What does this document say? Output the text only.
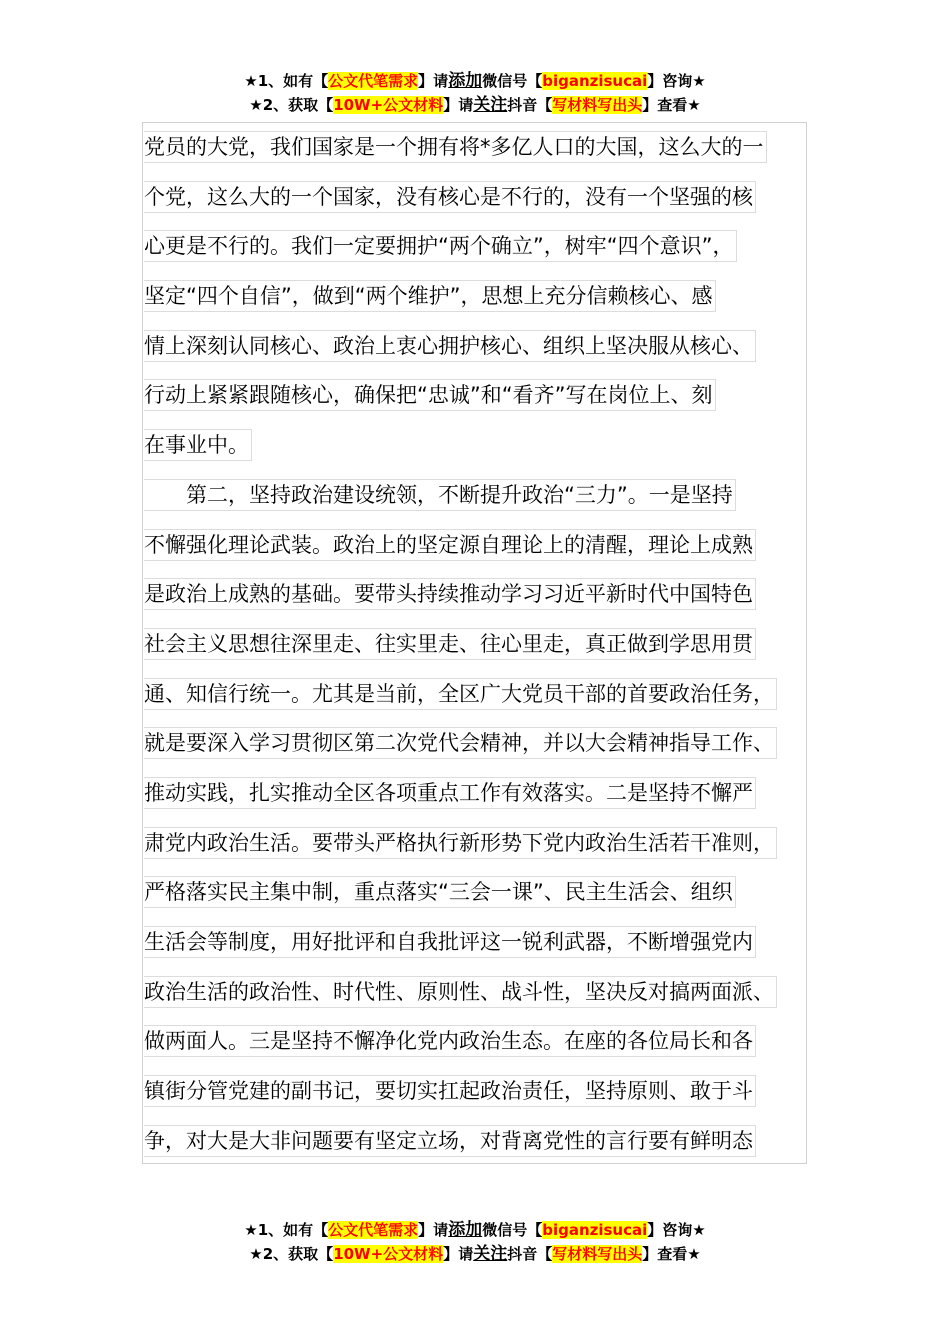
★1、如有【公文代笔需求】请添加微信号【biganzisucai】咨询★
★2、获取【10W+公文材料】请关注抖音【写材料写出头】查看★
党员的大党，我们国家是一个拥有将*多亿人口的大国，这么大的一
个党，这么大的一个国家，没有核心是不行的，没有一个坚强的核
心更是不行的。我们一定要拥护“两个确立”，树牢“四个意识”，
坚定“四个自信”，做到“两个维护”，思想上充分信赖核心、感
情上深刻认同核心、政治上衷心拥护核心、组织上坚决服从核心、
行动上紧紧跟随核心，确保把“忠诚”和“看齐”写在岗位上、刻
在事业中。
第二，坚持政治建设统领，不断提升政治“三力”。一是坚持
不懈强化理论武装。政治上的坚定源自理论上的清醒，理论上成熟
是政治上成熟的基础。要带头持续推动学习习近平新时代中国特色
社会主义思想往深里走、往实里走、往心里走，真正做到学思用贯
通、知信行统一。尤其是当前，全区广大党员干部的首要政治任务，
就是要深入学习贯彻区第二次党代会精神，并以大会精神指导工作、
推动实践，扎实推动全区各项重点工作有效落实。二是坚持不懈严
肃党内政治生活。要带头严格执行新形势下党内政治生活若干准则，
严格落实民主集中制，重点落实“三会一课”、民主生活会、组织
生活会等制度，用好批评和自我批评这一锐利武器，不断增强党内
政治生活的政治性、时代性、原则性、战斗性，坚决反对搞两面派、
做两面人。三是坚持不懈净化党内政治生态。在座的各位局长和各
镇街分管党建的副书记，要切实扛起政治责任，坚持原则、敢于斗
争，对大是大非问题要有坚定立场，对背离党性的言行要有鲜明态
★1、如有【公文代笔需求】请添加微信号【biganzisucai】咨询★
★2、获取【10W+公文材料】请关注抖音【写材料写出头】查看★
